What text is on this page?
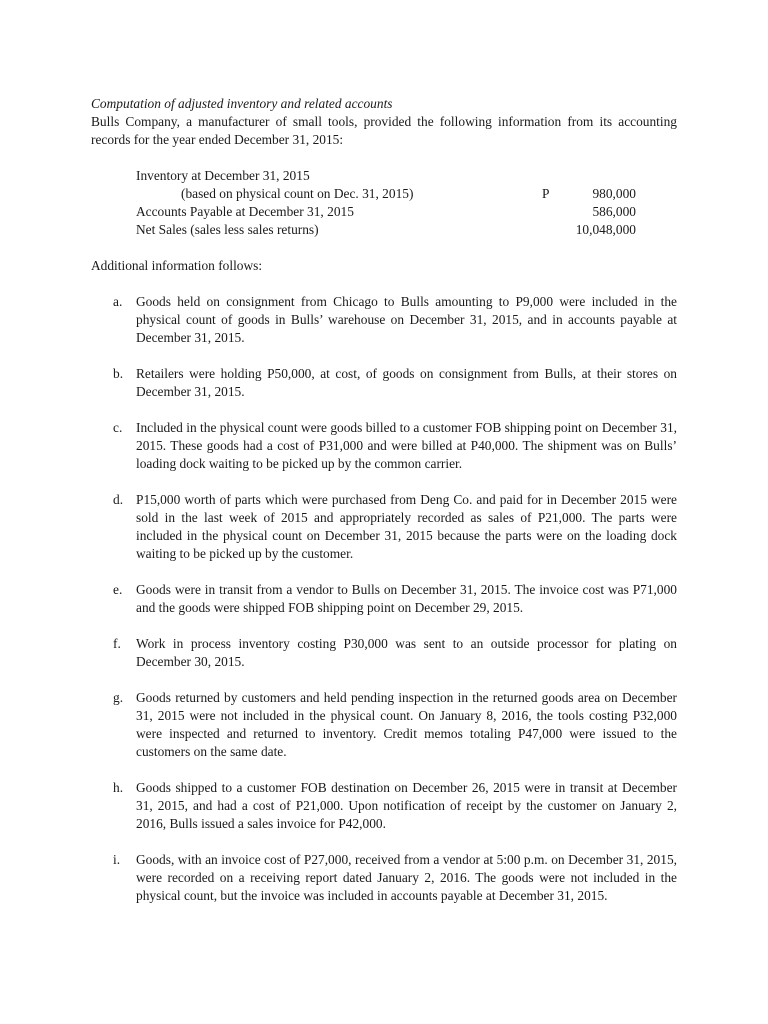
Computation of adjusted inventory and related accounts

Bulls Company, a manufacturer of small tools, provided the following information from its accounting records for the year ended December 31, 2015:

Inventory at December 31, 2015
(based on physical count on Dec. 31, 2015)	P	980,000
Accounts Payable at December 31, 2015	586,000
Net Sales (sales less sales returns)	10,048,000

Additional information follows:

a. Goods held on consignment from Chicago to Bulls amounting to P9,000 were included in the physical count of goods in Bulls’ warehouse on December 31, 2015, and in accounts payable at December 31, 2015.
b. Retailers were holding P50,000, at cost, of goods on consignment from Bulls, at their stores on December 31, 2015.
c. Included in the physical count were goods billed to a customer FOB shipping point on December 31, 2015. These goods had a cost of P31,000 and were billed at P40,000. The shipment was on Bulls’ loading dock waiting to be picked up by the common carrier.
d. P15,000 worth of parts which were purchased from Deng Co. and paid for in December 2015 were sold in the last week of 2015 and appropriately recorded as sales of P21,000. The parts were included in the physical count on December 31, 2015 because the parts were on the loading dock waiting to be picked up by the customer.
e. Goods were in transit from a vendor to Bulls on December 31, 2015. The invoice cost was P71,000 and the goods were shipped FOB shipping point on December 29, 2015.
f. Work in process inventory costing P30,000 was sent to an outside processor for plating on December 30, 2015.
g. Goods returned by customers and held pending inspection in the returned goods area on December 31, 2015 were not included in the physical count. On January 8, 2016, the tools costing P32,000 were inspected and returned to inventory. Credit memos totaling P47,000 were issued to the customers on the same date.
h. Goods shipped to a customer FOB destination on December 26, 2015 were in transit at December 31, 2015, and had a cost of P21,000. Upon notification of receipt by the customer on January 2, 2016, Bulls issued a sales invoice for P42,000.
i. Goods, with an invoice cost of P27,000, received from a vendor at 5:00 p.m. on December 31, 2015, were recorded on a receiving report dated January 2, 2016. The goods were not included in the physical count, but the invoice was included in accounts payable at December 31, 2015.
